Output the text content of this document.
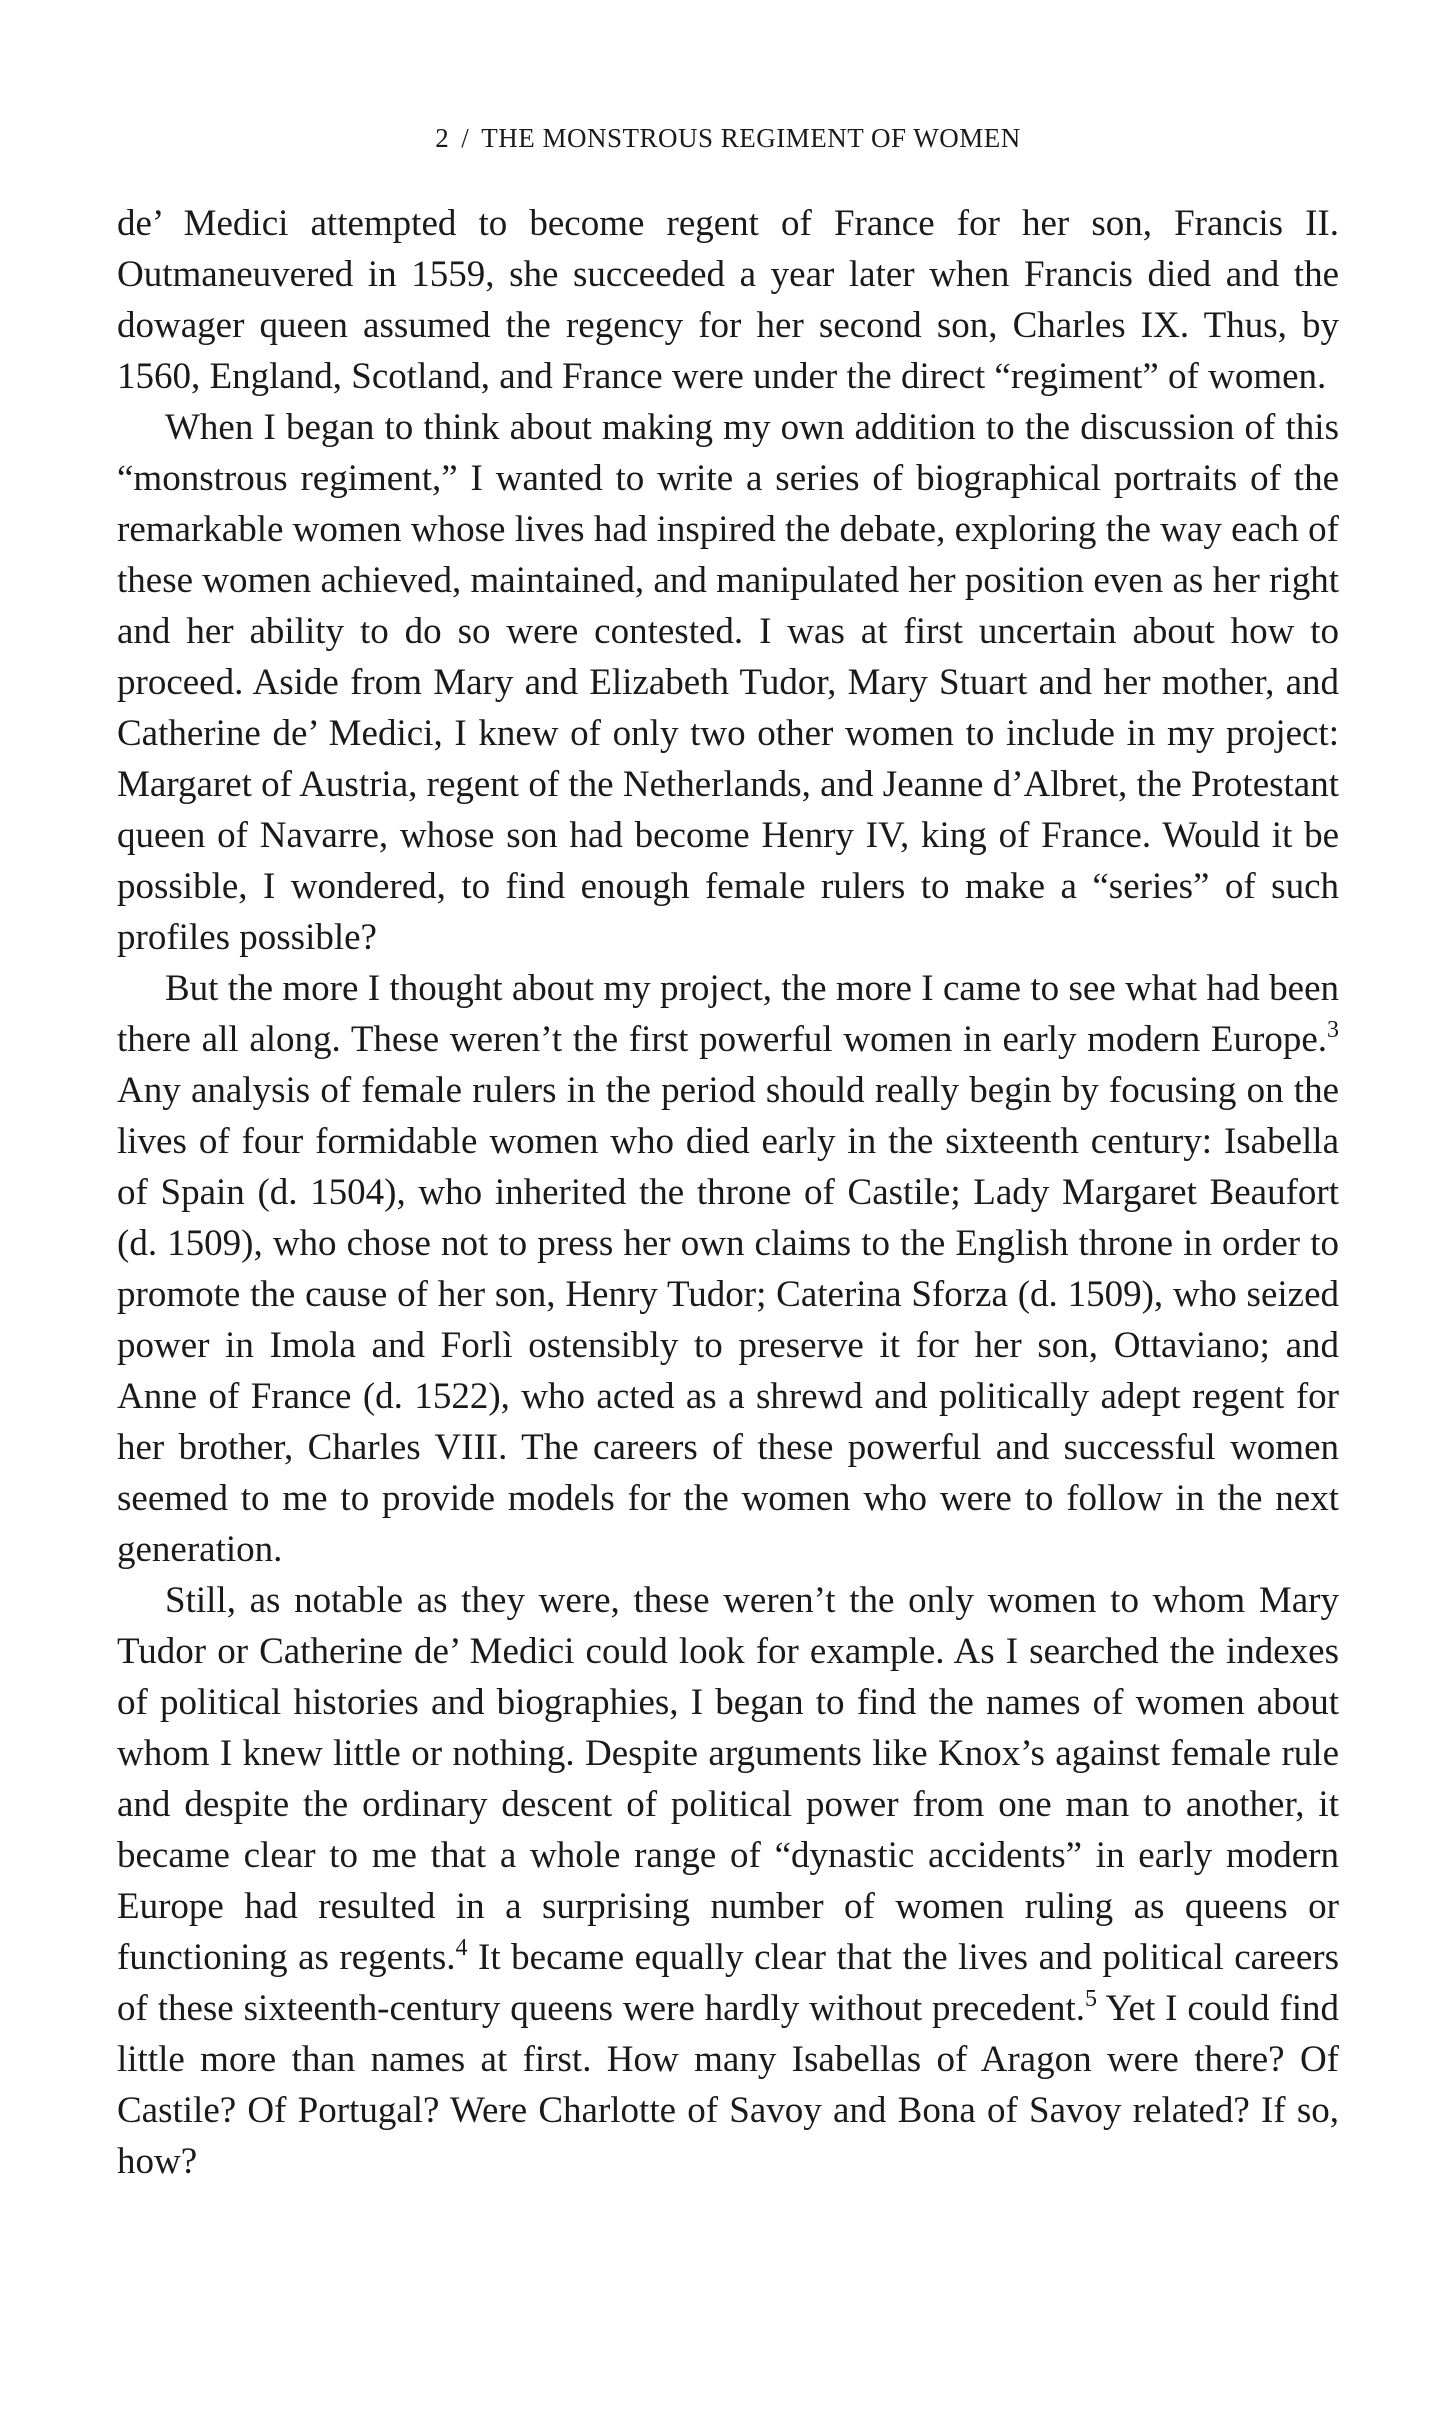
2 / THE MONSTROUS REGIMENT OF WOMEN

de’ Medici attempted to become regent of France for her son, Francis II. Outmaneuvered in 1559, she succeeded a year later when Francis died and the dowager queen assumed the regency for her second son, Charles IX. Thus, by 1560, England, Scotland, and France were under the direct “regiment” of women.

When I began to think about making my own addition to the discussion of this “monstrous regiment,” I wanted to write a series of biographical portraits of the remarkable women whose lives had inspired the debate, exploring the way each of these women achieved, maintained, and manipulated her position even as her right and her ability to do so were contested. I was at first uncertain about how to proceed. Aside from Mary and Elizabeth Tudor, Mary Stuart and her mother, and Catherine de’ Medici, I knew of only two other women to include in my project: Margaret of Austria, regent of the Netherlands, and Jeanne d’Albret, the Protestant queen of Navarre, whose son had become Henry IV, king of France. Would it be possible, I wondered, to find enough female rulers to make a “series” of such profiles possible?

But the more I thought about my project, the more I came to see what had been there all along. These weren’t the first powerful women in early modern Europe.$^3$ Any analysis of female rulers in the period should really begin by focusing on the lives of four formidable women who died early in the sixteenth century: Isabella of Spain (d. 1504), who inherited the throne of Castile; Lady Margaret Beaufort (d. 1509), who chose not to press her own claims to the English throne in order to promote the cause of her son, Henry Tudor; Caterina Sforza (d. 1509), who seized power in Imola and Forlì ostensibly to preserve it for her son, Ottaviano; and Anne of France (d. 1522), who acted as a shrewd and politically adept regent for her brother, Charles VIII. The careers of these powerful and successful women seemed to me to provide models for the women who were to follow in the next generation.

Still, as notable as they were, these weren’t the only women to whom Mary Tudor or Catherine de’ Medici could look for example. As I searched the indexes of political histories and biographies, I began to find the names of women about whom I knew little or nothing. Despite arguments like Knox’s against female rule and despite the ordinary descent of political power from one man to another, it became clear to me that a whole range of “dynastic accidents” in early modern Europe had resulted in a surprising number of women ruling as queens or functioning as regents.$^4$ It became equally clear that the lives and political careers of these sixteenth-century queens were hardly without precedent.$^5$ Yet I could find little more than names at first. How many Isabellas of Aragon were there? Of Castile? Of Portugal? Were Charlotte of Savoy and Bona of Savoy related? If so, how?
